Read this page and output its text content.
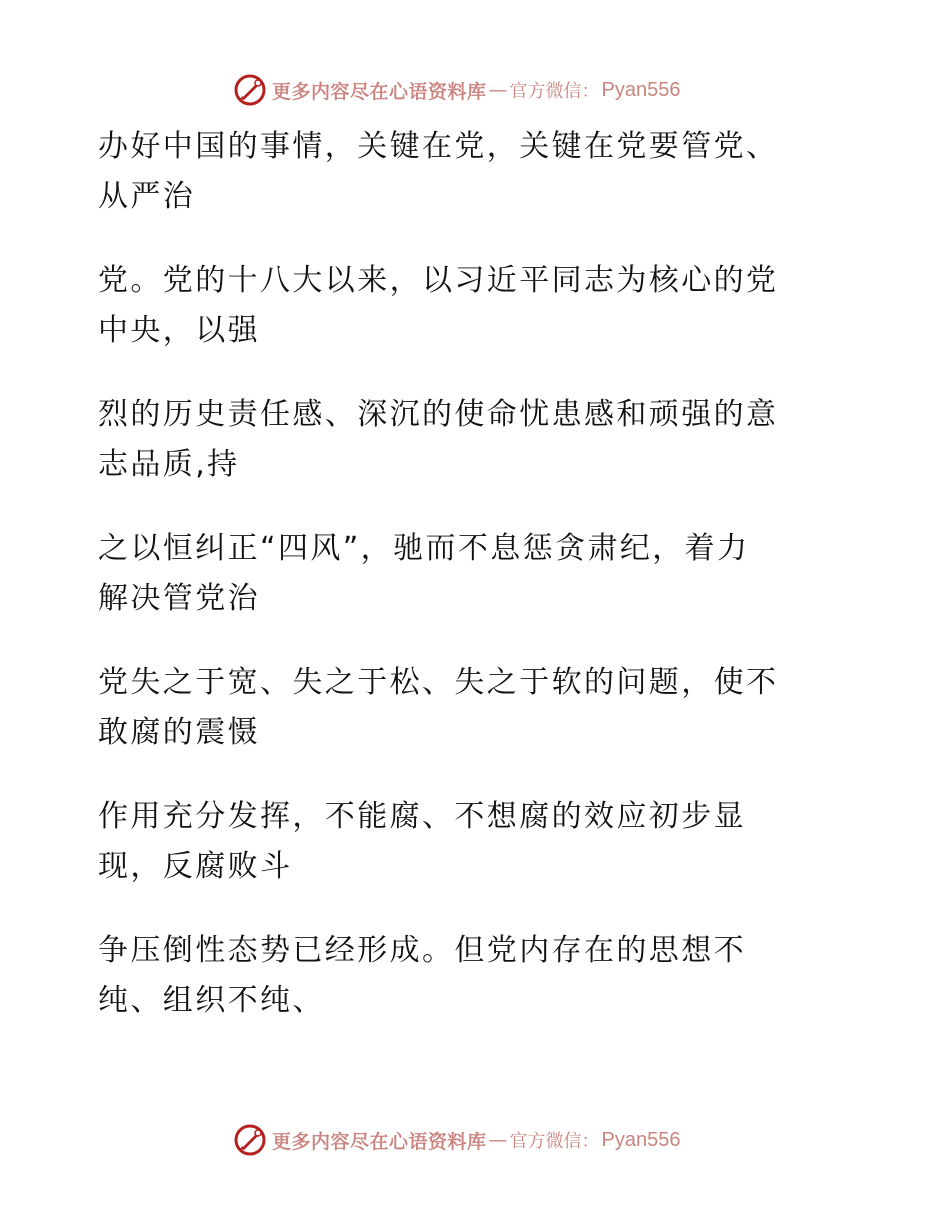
更多内容尽在心语资料库 — 官方微信： Pyan556
办好中国的事情，关键在党，关键在党要管党、
从严治
党。党的十八大以来，以习近平同志为核心的党
中央，以强
烈的历史责任感、深沉的使命忧患感和顽强的意
志品质,持
之以恒纠正“四风”，驰而不息惩贪肃纪，着力
解决管党治
党失之于宽、失之于松、失之于软的问题，使不
敢腐的震慑
作用充分发挥，不能腐、不想腐的效应初步显
现，反腐败斗
争压倒性态势已经形成。但党内存在的思想不
纯、组织不纯、
更多内容尽在心语资料库 — 官方微信： Pyan556
